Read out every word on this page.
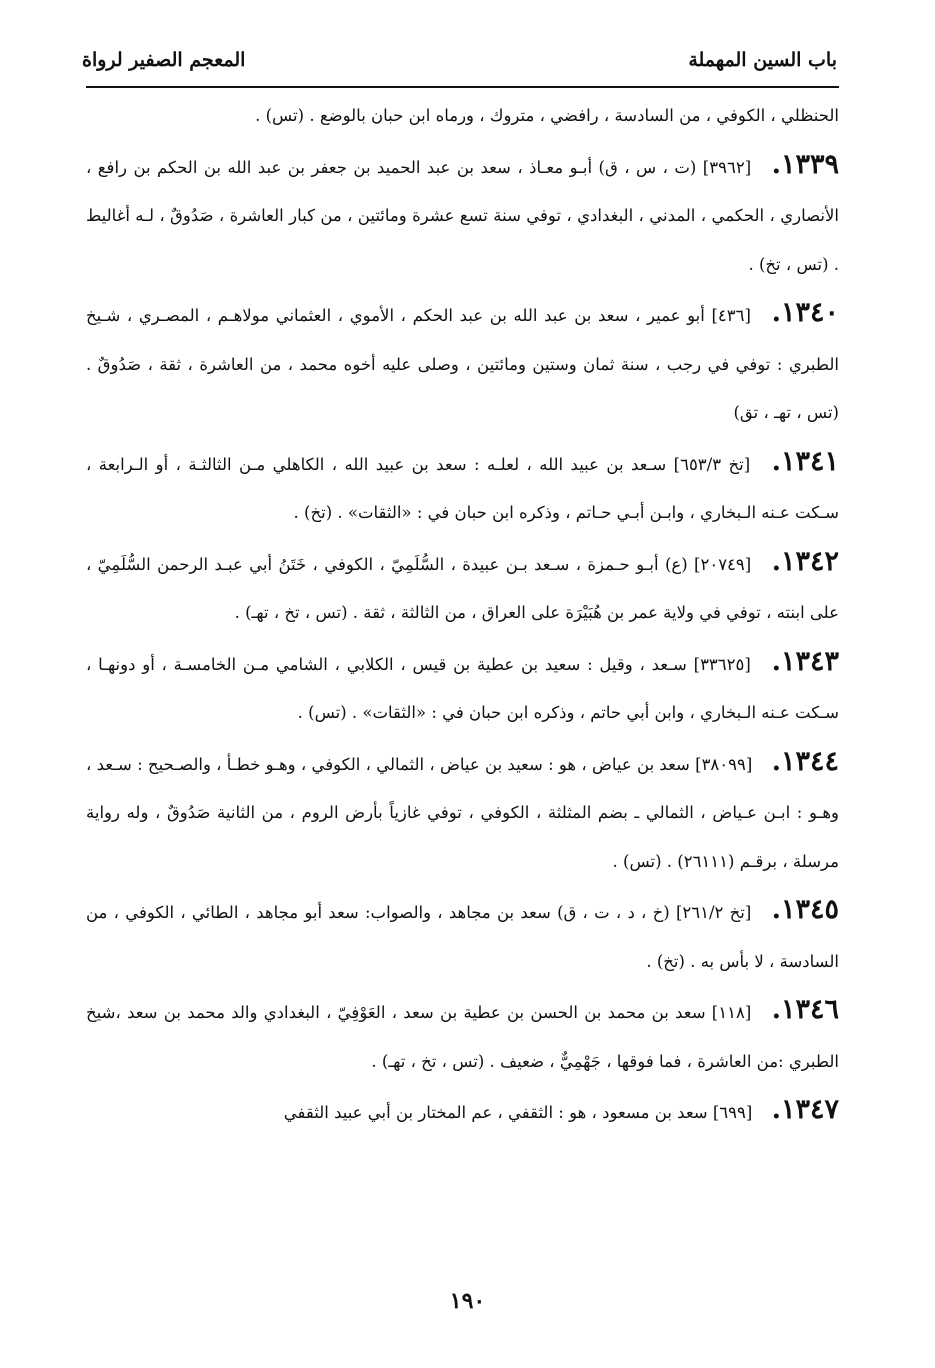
باب السين المهملة
المعجم الصفير لرواة

الحنظلي ، الكوفي ، من السادسة ، رافضي ، متروك ، ورماه ابن حبان بالوضع . (تس) .

١٣٣٩. [٣٩٦٢] (ت ، س ، ق) أبـو معـاذ ، سعد بن عبد الحميد بن جعفر بن عبد الله بن الحكم بن رافع ، الأنصاري ، الحكمي ، المدني ، البغدادي ، توفي سنة تسع عشرة ومائتين ، من كبار العاشرة ، صَدُوقٌ ، لـه أغاليط . (تس ، تخ) .

١٣٤٠. [٤٣٦] أبو عمير ، سعد بن عبد الله بن عبد الحكم ، الأموي ، العثماني مولاهـم ، المصـري ، شـيخ الطبري : توفي في رجب ، سنة ثمان وستين ومائتين ، وصلى عليه أخوه محمد ، من العاشرة ، ثقة ، صَدُوقٌ .(تس ، تهـ ، تق)

١٣٤١. [تخ ٦٥٣/٣] سـعد بن عبيد الله ، لعلـه : سعد بن عبيد الله ، الكاهلي مـن الثالثـة ، أو الـرابعة ، سـكت عـنه الـبخاري ، وابـن أبـي حـاتم ، وذكره ابن حبان في : «الثقات» . (تخ) .

١٣٤٢. [٢٠٧٤٩] (ع) أبـو حـمزة ، سـعد بـن عبيدة ، السُّلَمِيّ ، الكوفي ، خَتَنُ أبي عبـد الرحمن السُّلَمِيّ ، على ابنته ، توفي في ولاية عمر بن هُبَيْرَة على العراق ، من الثالثة ، ثقة . (تس ، تخ ، تهـ) .

١٣٤٣. [٣٣٦٢٥] سـعد ، وقيل : سعيد بن عطية بن قيس ، الكلابي ، الشامي مـن الخامسـة ، أو دونهـا ، سـكت عـنه الـبخاري ، وابن أبي حاتم ، وذكره ابن حبان في : «الثقات» . (تس) .

١٣٤٤. [٣٨٠٩٩] سعد بن عياض ، هو : سعيد بن عياض ، الثمالي ، الكوفي ، وهـو خطـأ ، والصـحيح : سـعد ، وهـو : ابـن عـياض ، الثمالي ـ بضم المثلثة ، الكوفي ، توفي غازياً بأرض الروم ، من الثانية صَدُوقٌ ، وله رواية مرسلة ، برقـم (٢٦١١١) . (تس) .

١٣٤٥. [تخ ٢٦١/٢] (خ ، د ، ت ، ق) سعد بن مجاهد ، والصواب: سعد أبو مجاهد ، الطائي ، الكوفي ، من السادسة ، لا بأس به . (تخ) .

١٣٤٦. [١١٨] سعد بن محمد بن الحسن بن عطية بن سعد ، العَوْفِيّ ، البغدادي والد محمد بن سعد ،شيخ الطبري :من العاشرة ، فما فوقها ، جَهْمِيٌّ ، ضعيف . (تس ، تخ ، تهـ) .

١٣٤٧. [٦٩٩] سعد بن مسعود ، هو : الثقفي ، عم المختار بن أبي عبيد الثقفي

١٩٠
